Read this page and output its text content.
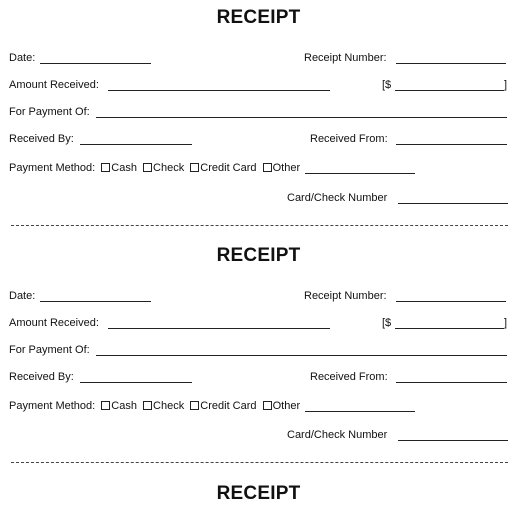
RECEIPT
Date:	Receipt Number:
Amount Received:	[$	]
For Payment Of:
Received By:	Received From:
Payment Method: Cash Check Credit Card Other
Card/Check Number
RECEIPT
Date:	Receipt Number:
Amount Received:	[$	]
For Payment Of:
Received By:	Received From:
Payment Method: Cash Check Credit Card Other
Card/Check Number
RECEIPT
